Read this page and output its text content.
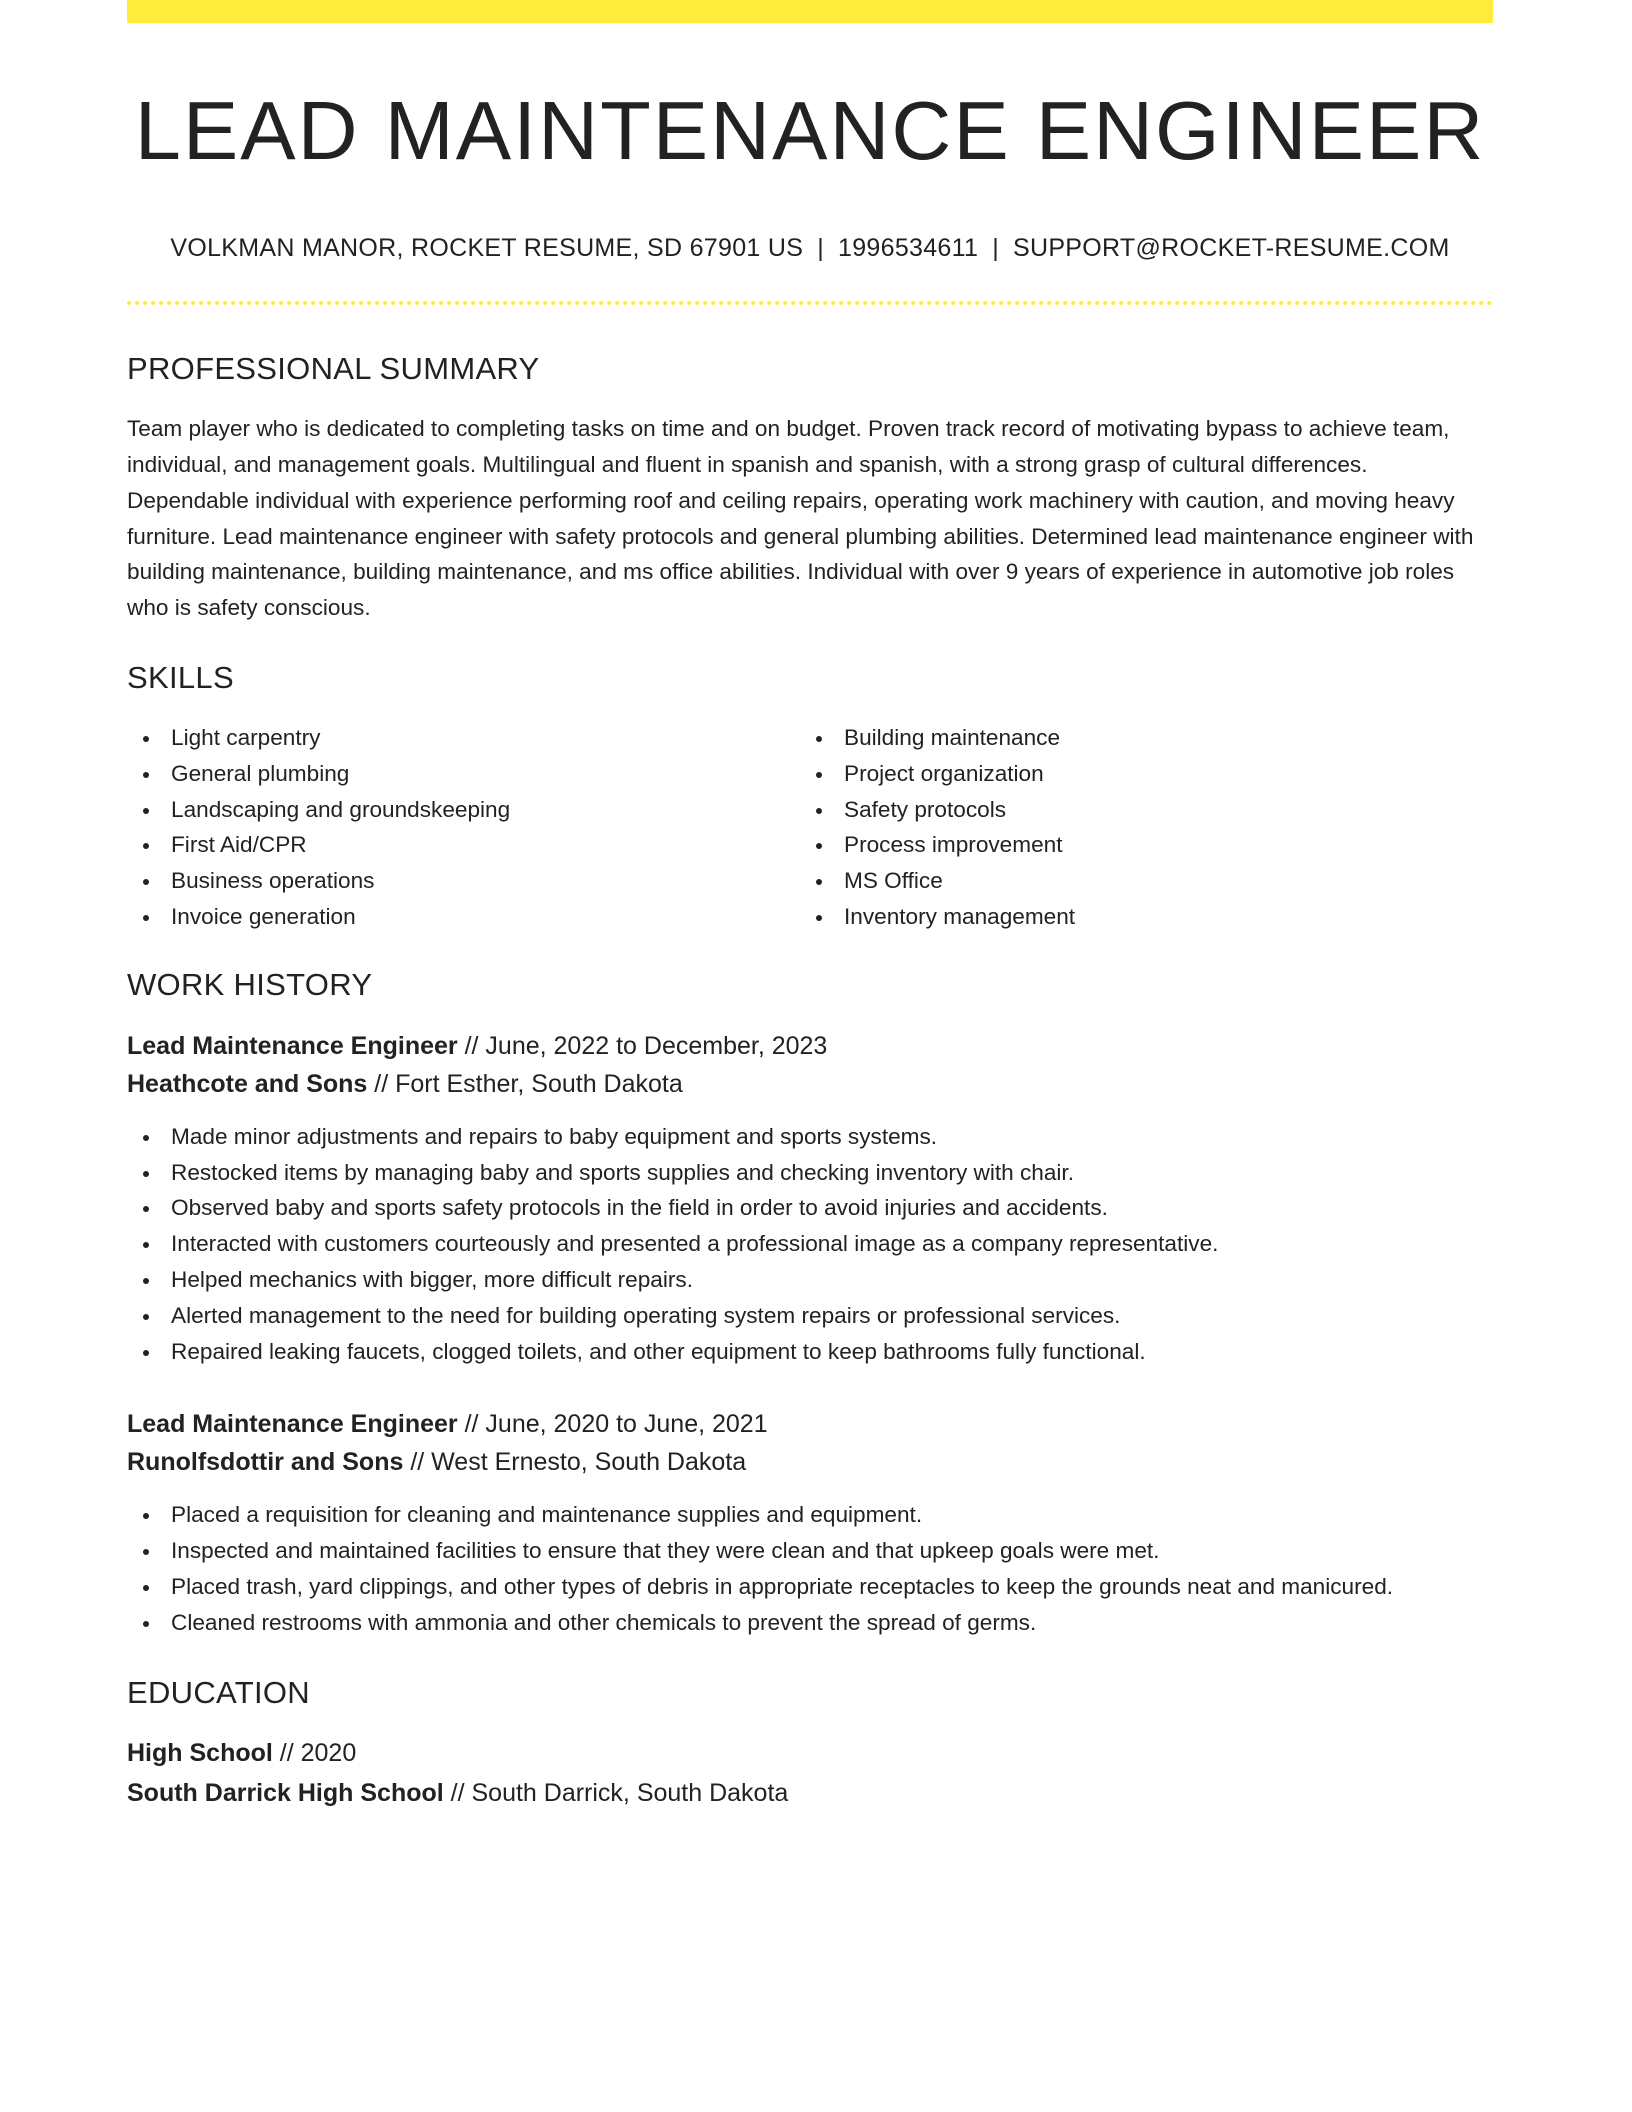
LEAD MAINTENANCE ENGINEER
VOLKMAN MANOR, ROCKET RESUME, SD 67901 US | 1996534611 | SUPPORT@ROCKET-RESUME.COM
PROFESSIONAL SUMMARY

Team player who is dedicated to completing tasks on time and on budget. Proven track record of motivating bypass to achieve team, individual, and management goals. Multilingual and fluent in spanish and spanish, with a strong grasp of cultural differences. Dependable individual with experience performing roof and ceiling repairs, operating work machinery with caution, and moving heavy furniture. Lead maintenance engineer with safety protocols and general plumbing abilities. Determined lead maintenance engineer with building maintenance, building maintenance, and ms office abilities. Individual with over 9 years of experience in automotive job roles who is safety conscious.

SKILLS
Light carpentry
General plumbing
Landscaping and groundskeeping
First Aid/CPR
Business operations
Invoice generation
Building maintenance
Project organization
Safety protocols
Process improvement
MS Office
Inventory management
WORK HISTORY
Lead Maintenance Engineer // June, 2022 to December, 2023
Heathcote and Sons // Fort Esther, South Dakota
Made minor adjustments and repairs to baby equipment and sports systems.
Restocked items by managing baby and sports supplies and checking inventory with chair.
Observed baby and sports safety protocols in the field in order to avoid injuries and accidents.
Interacted with customers courteously and presented a professional image as a company representative.
Helped mechanics with bigger, more difficult repairs.
Alerted management to the need for building operating system repairs or professional services.
Repaired leaking faucets, clogged toilets, and other equipment to keep bathrooms fully functional.
Lead Maintenance Engineer // June, 2020 to June, 2021
Runolfsdottir and Sons // West Ernesto, South Dakota
Placed a requisition for cleaning and maintenance supplies and equipment.
Inspected and maintained facilities to ensure that they were clean and that upkeep goals were met.
Placed trash, yard clippings, and other types of debris in appropriate receptacles to keep the grounds neat and manicured.
Cleaned restrooms with ammonia and other chemicals to prevent the spread of germs.
EDUCATION
High School // 2020
South Darrick High School // South Darrick, South Dakota
